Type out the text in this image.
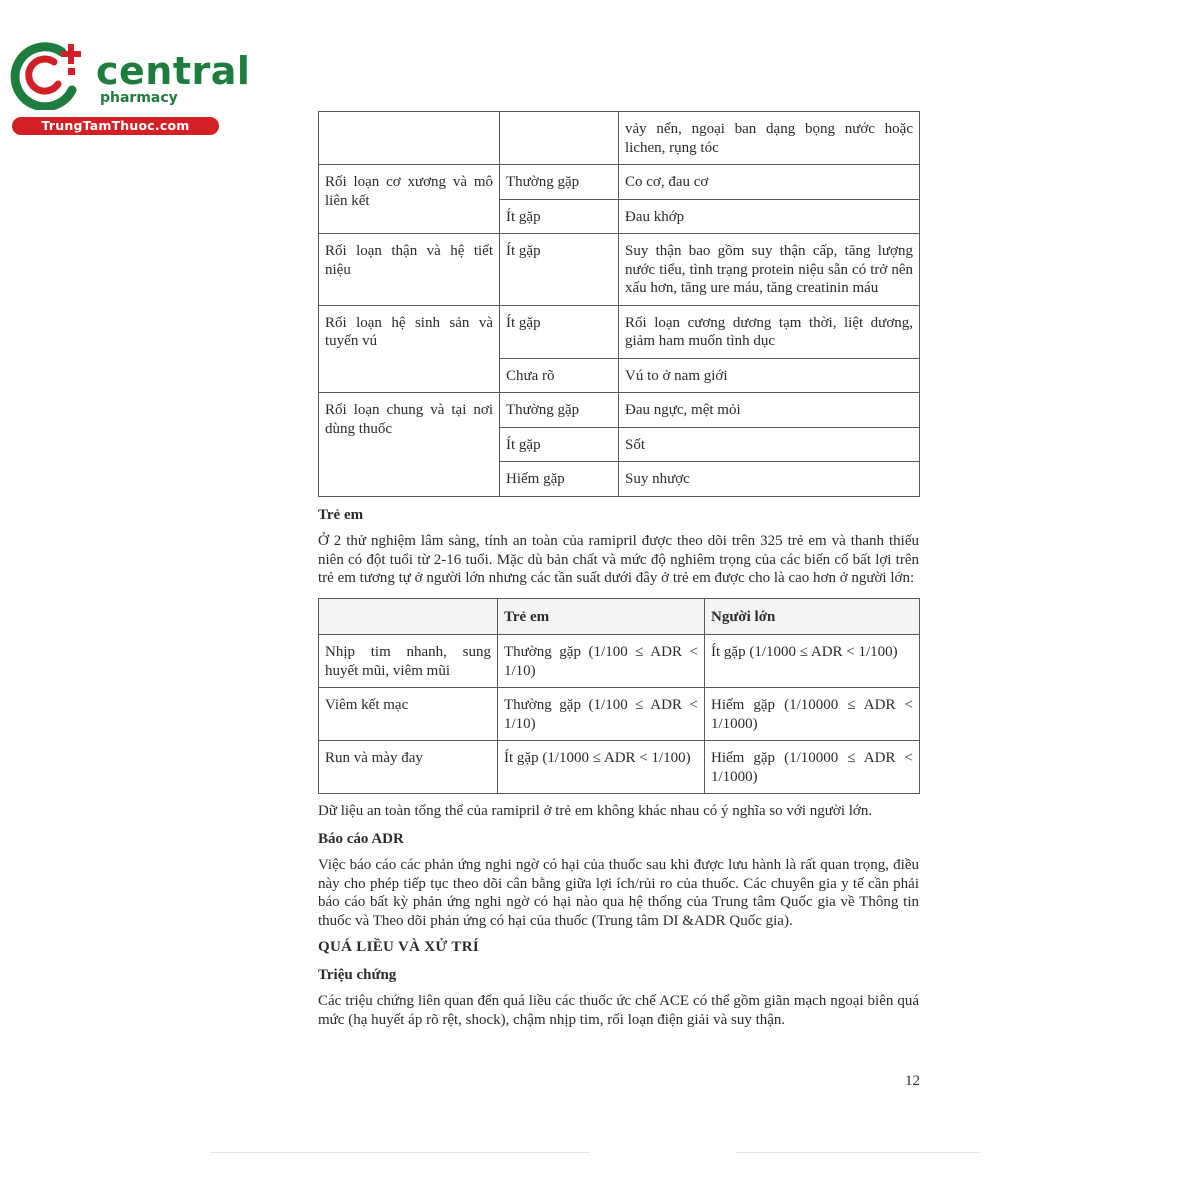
central
pharmacy
TrungTamThuoc.com
			vảy nến, ngoại ban dạng bọng nước hoặc lichen, rụng tóc
Rối loạn cơ xương và mô liên kết	Thường gặp	Co cơ, đau cơ
	Ít gặp	Đau khớp
Rối loạn thận và hệ tiết niệu	Ít gặp	Suy thận bao gồm suy thận cấp, tăng lượng nước tiểu, tình trạng protein niệu sẵn có trở nên xấu hơn, tăng ure máu, tăng creatinin máu
Rối loạn hệ sinh sản và tuyến vú	Ít gặp	Rối loạn cương dương tạm thời, liệt dương, giảm ham muốn tình dục
	Chưa rõ	Vú to ở nam giới
Rối loạn chung và tại nơi dùng thuốc	Thường gặp	Đau ngực, mệt mỏi
	Ít gặp	Sốt
	Hiếm gặp	Suy nhược
Trẻ em

Ở 2 thử nghiệm lâm sàng, tính an toàn của ramipril được theo dõi trên 325 trẻ em và thanh thiếu niên có đột tuổi từ 2-16 tuổi. Mặc dù bản chất và mức độ nghiêm trọng của các biến cố bất lợi trên trẻ em tương tự ở người lớn nhưng các tần suất dưới đây ở trẻ em được cho là cao hơn ở người lớn:

	Trẻ em	Người lớn
Nhịp tim nhanh, sung huyết mũi, viêm mũi	Thường gặp (1/100 ≤ ADR < 1/10)	Ít gặp (1/1000 ≤ ADR < 1/100)
Viêm kết mạc	Thường gặp (1/100 ≤ ADR < 1/10)	Hiếm gặp (1/10000 ≤ ADR < 1/1000)
Run và mày đay	Ít gặp (1/1000 ≤ ADR < 1/100)	Hiếm gặp (1/10000 ≤ ADR < 1/1000)

Dữ liệu an toàn tổng thể của ramipril ở trẻ em không khác nhau có ý nghĩa so với người lớn.

Báo cáo ADR

Việc báo cáo các phản ứng nghi ngờ có hại của thuốc sau khi được lưu hành là rất quan trọng, điều này cho phép tiếp tục theo dõi cân bằng giữa lợi ích/rủi ro của thuốc. Các chuyên gia y tế cần phải báo cáo bất kỳ phản ứng nghi ngờ có hại nào qua hệ thống của Trung tâm Quốc gia về Thông tin thuốc và Theo dõi phản ứng có hại của thuốc (Trung tâm DI &ADR Quốc gia).

QUÁ LIỀU VÀ XỬ TRÍ
Triệu chứng

Các triệu chứng liên quan đến quá liều các thuốc ức chế ACE có thể gồm giãn mạch ngoại biên quá mức (hạ huyết áp rõ rệt, shock), chậm nhịp tim, rối loạn điện giải và suy thận.

12
